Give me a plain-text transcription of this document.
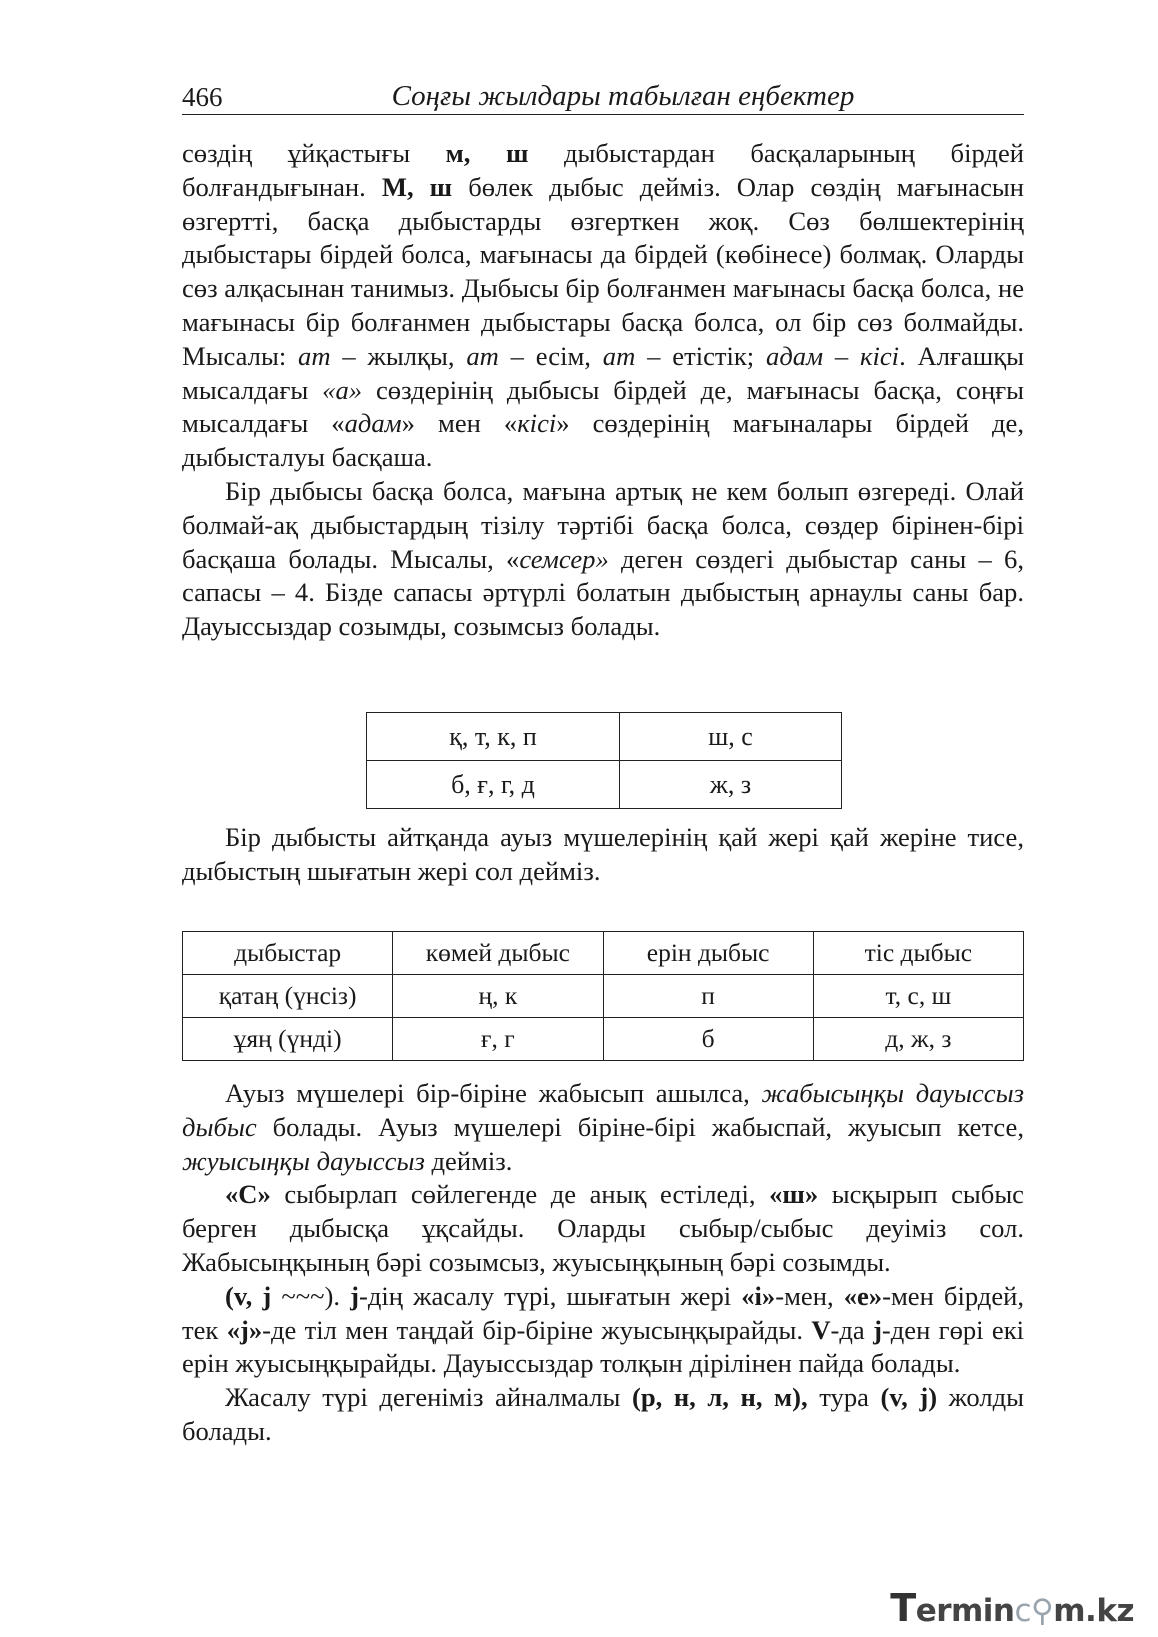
466	Соңғы жылдары табылған еңбектер

сөздің ұйқастығы м, ш дыбыстардан басқаларының бірдей болғандығынан. М, ш бөлек дыбыс дейміз. Олар сөздің мағынасын өзгертті, басқа дыбыстарды өзгерткен жоқ. Сөз бөлшектерінің дыбыстары бірдей болса, мағынасы да бірдей (көбінесе) болмақ. Оларды сөз алқасынан танимыз. Дыбысы бір болғанмен мағынасы басқа болса, не мағынасы бір болғанмен дыбыстары басқа болса, ол бір сөз болмайды. Мысалы: ат – жылқы, ат – есім, ат – етістік; адам – кісі. Алғашқы мысалдағы «а» сөздерінің дыбысы бірдей де, мағынасы басқа, соңғы мысалдағы «адам» мен «кісі» сөздерінің мағыналары бірдей де, дыбысталуы басқаша.

Бір дыбысы басқа болса, мағына артық не кем болып өзгереді. Олай болмай-ақ дыбыстардың тізілу тәртібі басқа болса, сөздер бірінен-бірі басқаша болады. Мысалы, «семсер» деген сөздегі дыбыстар саны – 6, сапасы – 4. Бізде сапасы әртүрлі болатын дыбыстың арнаулы саны бар. Дауыссыздар созымды, созымсыз болады.

қ, т, к, п	ш, с
б, ғ, г, д	ж, з

Бір дыбысты айтқанда ауыз мүшелерінің қай жері қай жеріне тисе, дыбыстың шығатын жері сол дейміз.

дыбыстар	көмей дыбыс	ерін дыбыс	тіс дыбыс
қатаң (үнсіз)	ң, к	п	т, с, ш
ұяң (үнді)	ғ, г	б	д, ж, з

Ауыз мүшелері бір-біріне жабысып ашылса, жабысыңқы дауыссыз дыбыс болады. Ауыз мүшелері біріне-бірі жабыспай, жуысып кетсе, жуысыңқы дауыссыз дейміз.

«С» сыбырлап сөйлегенде де анық естіледі, «ш» ысқырып сыбыс берген дыбысқа ұқсайды. Оларды сыбыр/сыбыс деуіміз сол. Жабысыңқының бәрі созымсыз, жуысыңқының бәрі созымды.

(v, j ~~~). j-дің жасалу түрі, шығатын жері «і»-мен, «е»-мен бірдей, тек «j»-де тіл мен таңдай бір-біріне жуысыңқырайды. V-да j-ден гөрі екі ерін жуысыңқырайды. Дауыссыздар толқын дірілінен пайда болады.

Жасалу түрі дегеніміз айналмалы (р, н, л, н, м), тура (v, j) жолды болады.

Terminc⚲m.kz
